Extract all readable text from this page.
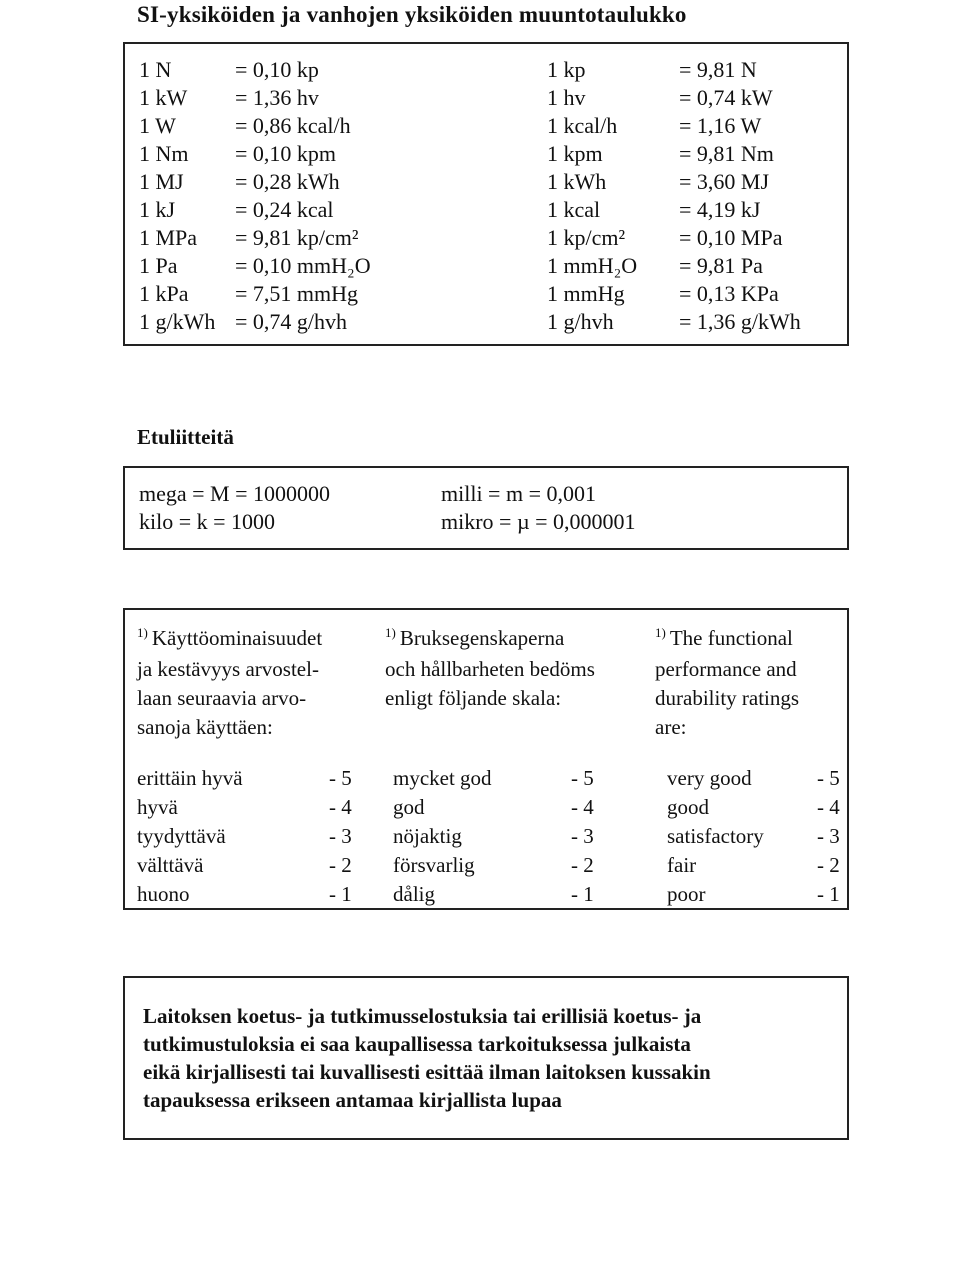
SI-yksiköiden ja vanhojen yksiköiden muuntotaulukko
1 N	= 0,10 kp	1 kp	= 9,81 N
1 kW = 1,36 hv	1 hv	= 0,74 kW
1 W	= 0,86 kcal/h	1 kcal/h	= 1,16 W
1 Nm = 0,10 kpm	1 kpm	= 9,81 Nm
1 MJ = 0,28 kWh	1 kWh	= 3,60 MJ
1 kJ	= 0,24 kcal	1 kcal	= 4,19 kJ
1 MPa = 9,81 kp/cm²	1 kp/cm² = 0,10 MPa
1 Pa	= 0,10 mmH₂O	1 mmH₂O = 9,81 Pa
1 kPa = 7,51 mmHg	1 mmHg = 0,13 KPa
1 g/kWh = 0,74 g/hvh	1 g/hvh	= 1,36 g/kWh
Etuliitteitä
mega = M = 1000000	milli = m = 0,001
kilo = k = 1000	mikro = µ = 0,000001
$^{1)}$ Käyttöominaisuudet
ja kestävyys arvostel-
laan seuraavia arvo-
sanoja käyttäen:
$^{1)}$ Bruksegenskaperna
och hållbarheten bedöms
enligt följande skala:
$^{1)}$ The functional
performance and
durability ratings
are:
erittäin hyvä	- 5 mycket god	- 5	very good	- 5
hyvä	- 4 god	- 4	good	- 4
tyydyttävä	- 3 nöjaktig	- 3	satisfactory	- 3
välttävä	- 2 försvarlig	- 2	fair	- 2
huono	- 1 dålig	- 1	poor	- 1
Laitoksen koetus- ja tutkimusselostuksia tai erillisiä koetus- ja
tutkimustuloksia ei saa kaupallisessa tarkoituksessa julkaista
eikä kirjallisesti tai kuvallisesti esittää ilman laitoksen kussakin
tapauksessa erikseen antamaa kirjallista lupaa
